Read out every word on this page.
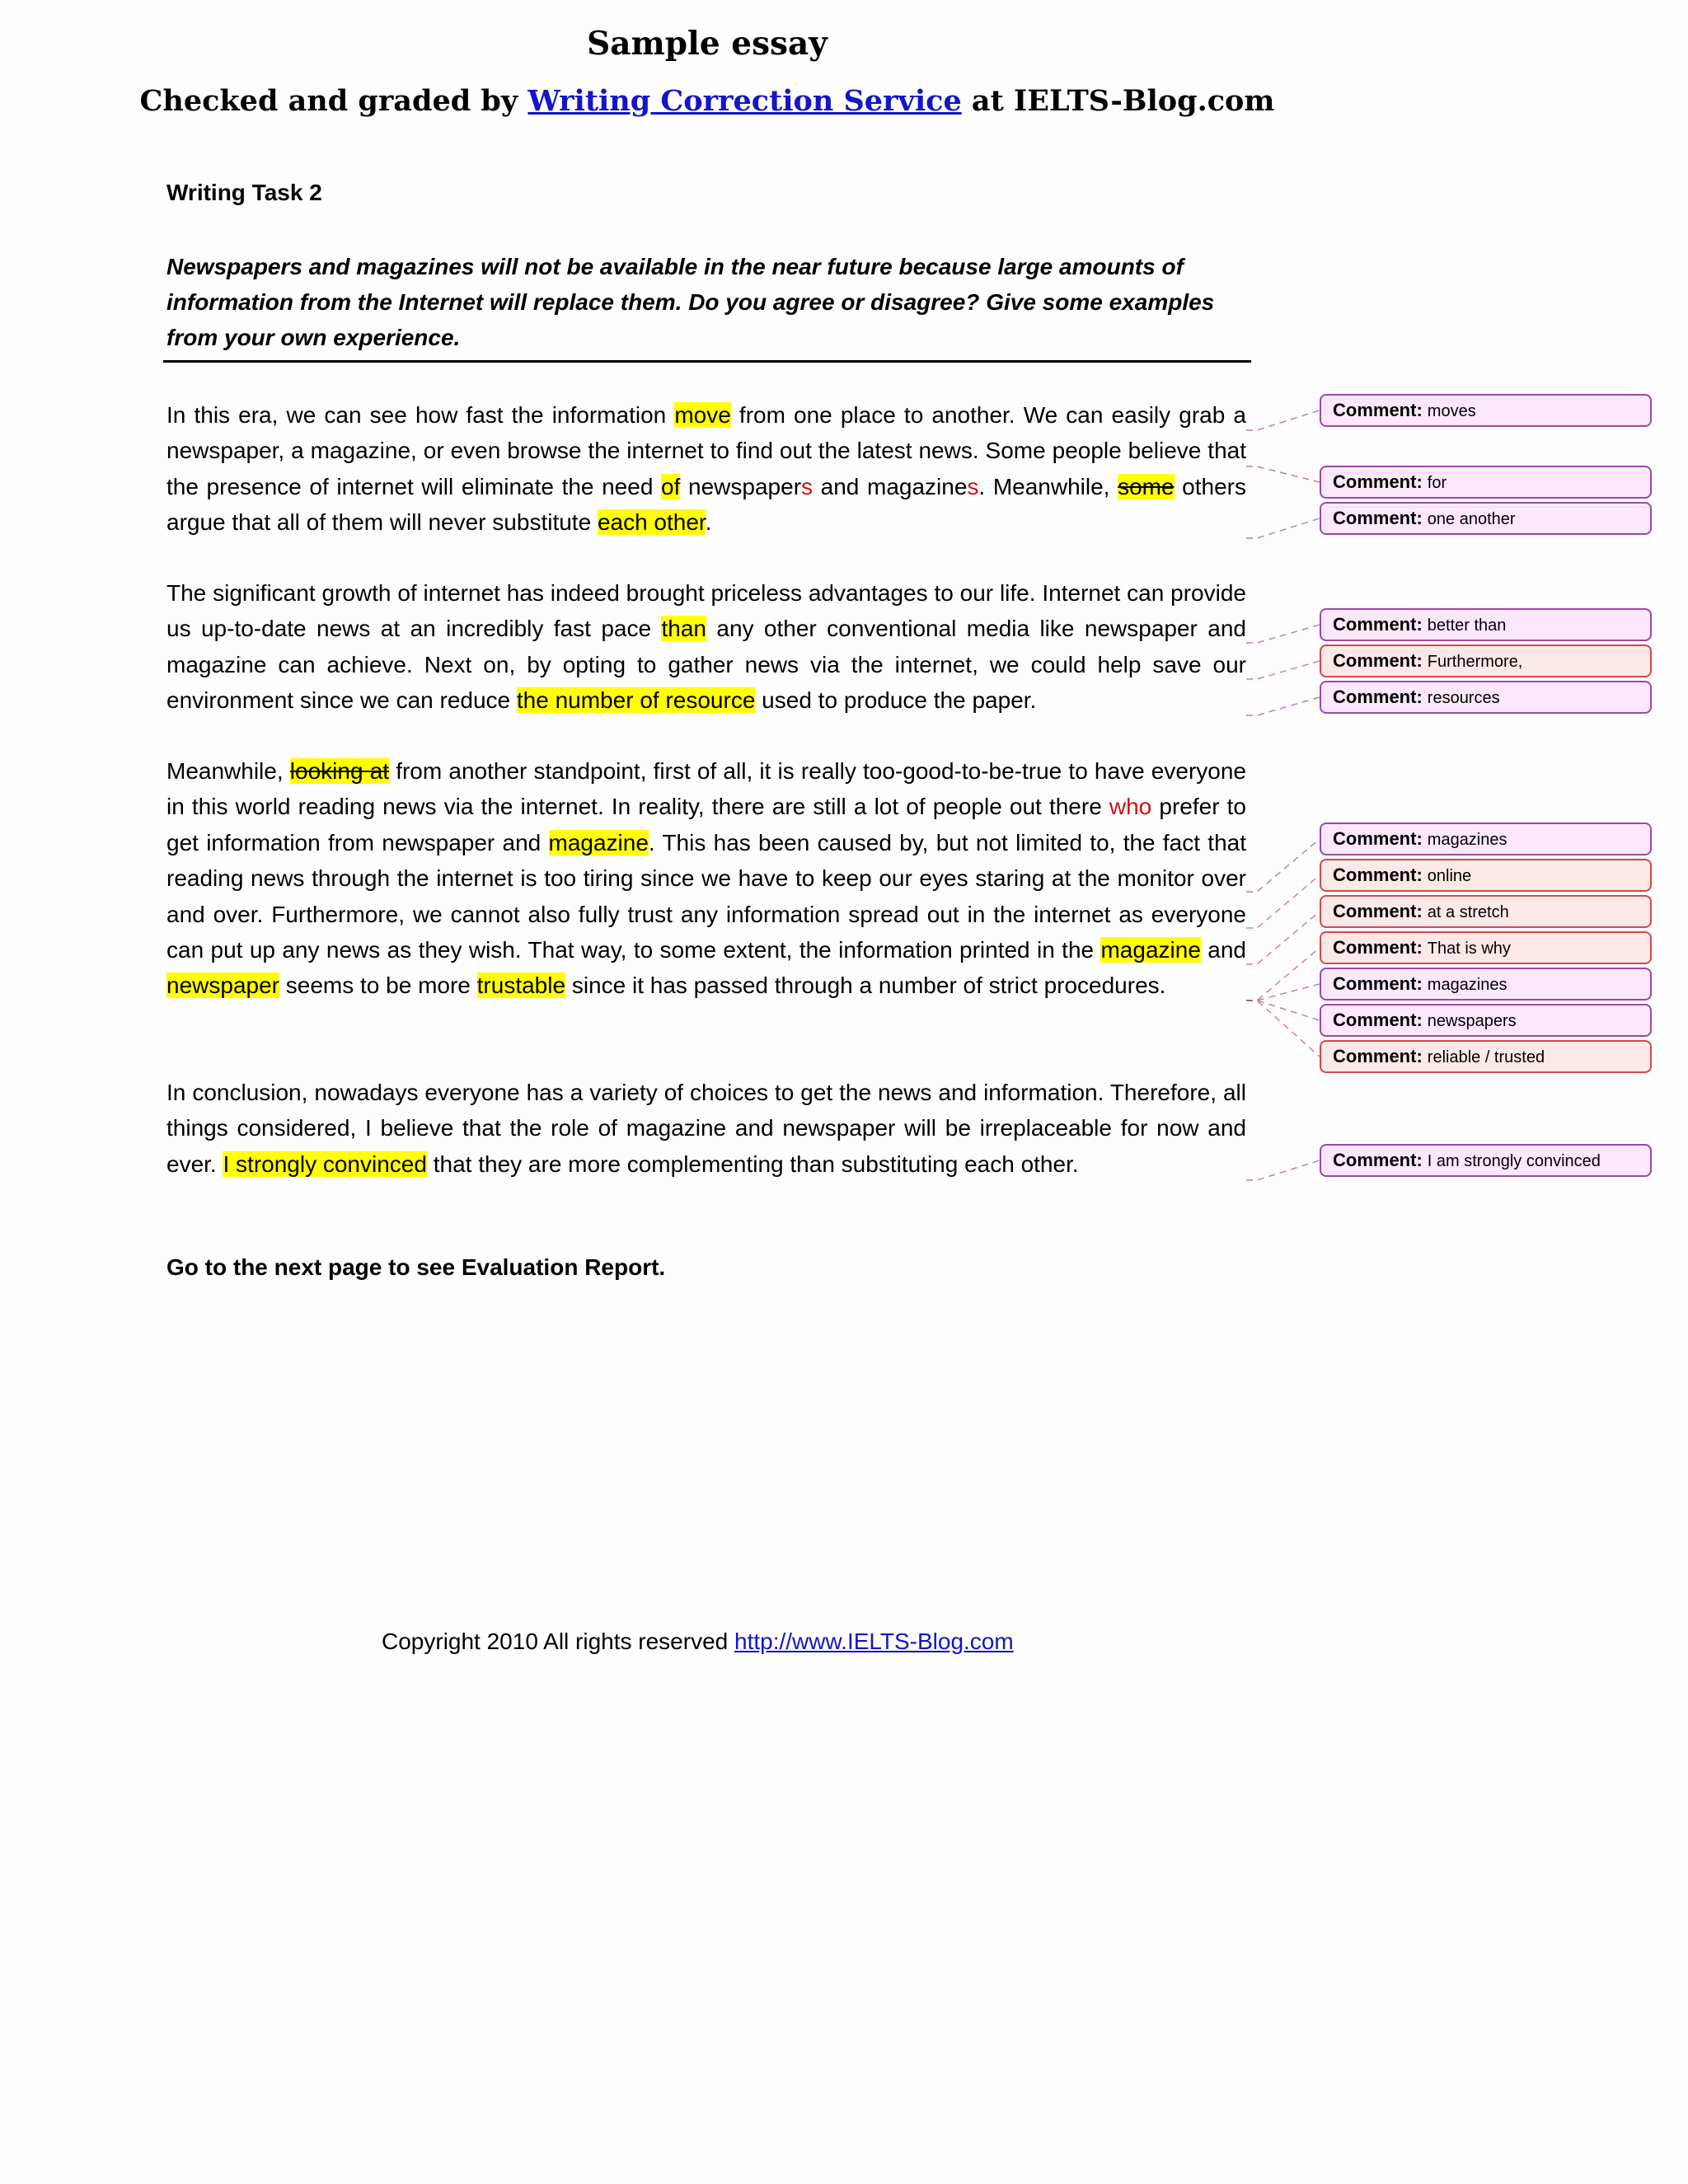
Sample essay
Checked and graded by Writing Correction Service at IELTS-Blog.com
Writing Task 2
Newspapers and magazines will not be available in the near future because large amounts of information from the Internet will replace them. Do you agree or disagree? Give some examples from your own experience.
In this era, we can see how fast the information move from one place to another. We can easily grab a newspaper, a magazine, or even browse the internet to find out the latest news. Some people believe that the presence of internet will eliminate the need of newspapers and magazines. Meanwhile, some others argue that all of them will never substitute each other.
The significant growth of internet has indeed brought priceless advantages to our life. Internet can provide us up-to-date news at an incredibly fast pace than any other conventional media like newspaper and magazine can achieve. Next on, by opting to gather news via the internet, we could help save our environment since we can reduce the number of resource used to produce the paper.
Meanwhile, looking at from another standpoint, first of all, it is really too-good-to-be-true to have everyone in this world reading news via the internet. In reality, there are still a lot of people out there who prefer to get information from newspaper and magazine. This has been caused by, but not limited to, the fact that reading news through the internet is too tiring since we have to keep our eyes staring at the monitor over and over. Furthermore, we cannot also fully trust any information spread out in the internet as everyone can put up any news as they wish. That way, to some extent, the information printed in the magazine and newspaper seems to be more trustable since it has passed through a number of strict procedures.
In conclusion, nowadays everyone has a variety of choices to get the news and information. Therefore, all things considered, I believe that the role of magazine and newspaper will be irreplaceable for now and ever. I strongly convinced that they are more complementing than substituting each other.
Go to the next page to see Evaluation Report.
Copyright 2010 All rights reserved http://www.IELTS-Blog.com
Comment: moves
Comment: for
Comment: one another
Comment: better than
Comment: Furthermore,
Comment: resources
Comment: magazines
Comment: online
Comment: at a stretch
Comment: That is why
Comment: magazines
Comment: newspapers
Comment: reliable / trusted
Comment: I am strongly convinced
